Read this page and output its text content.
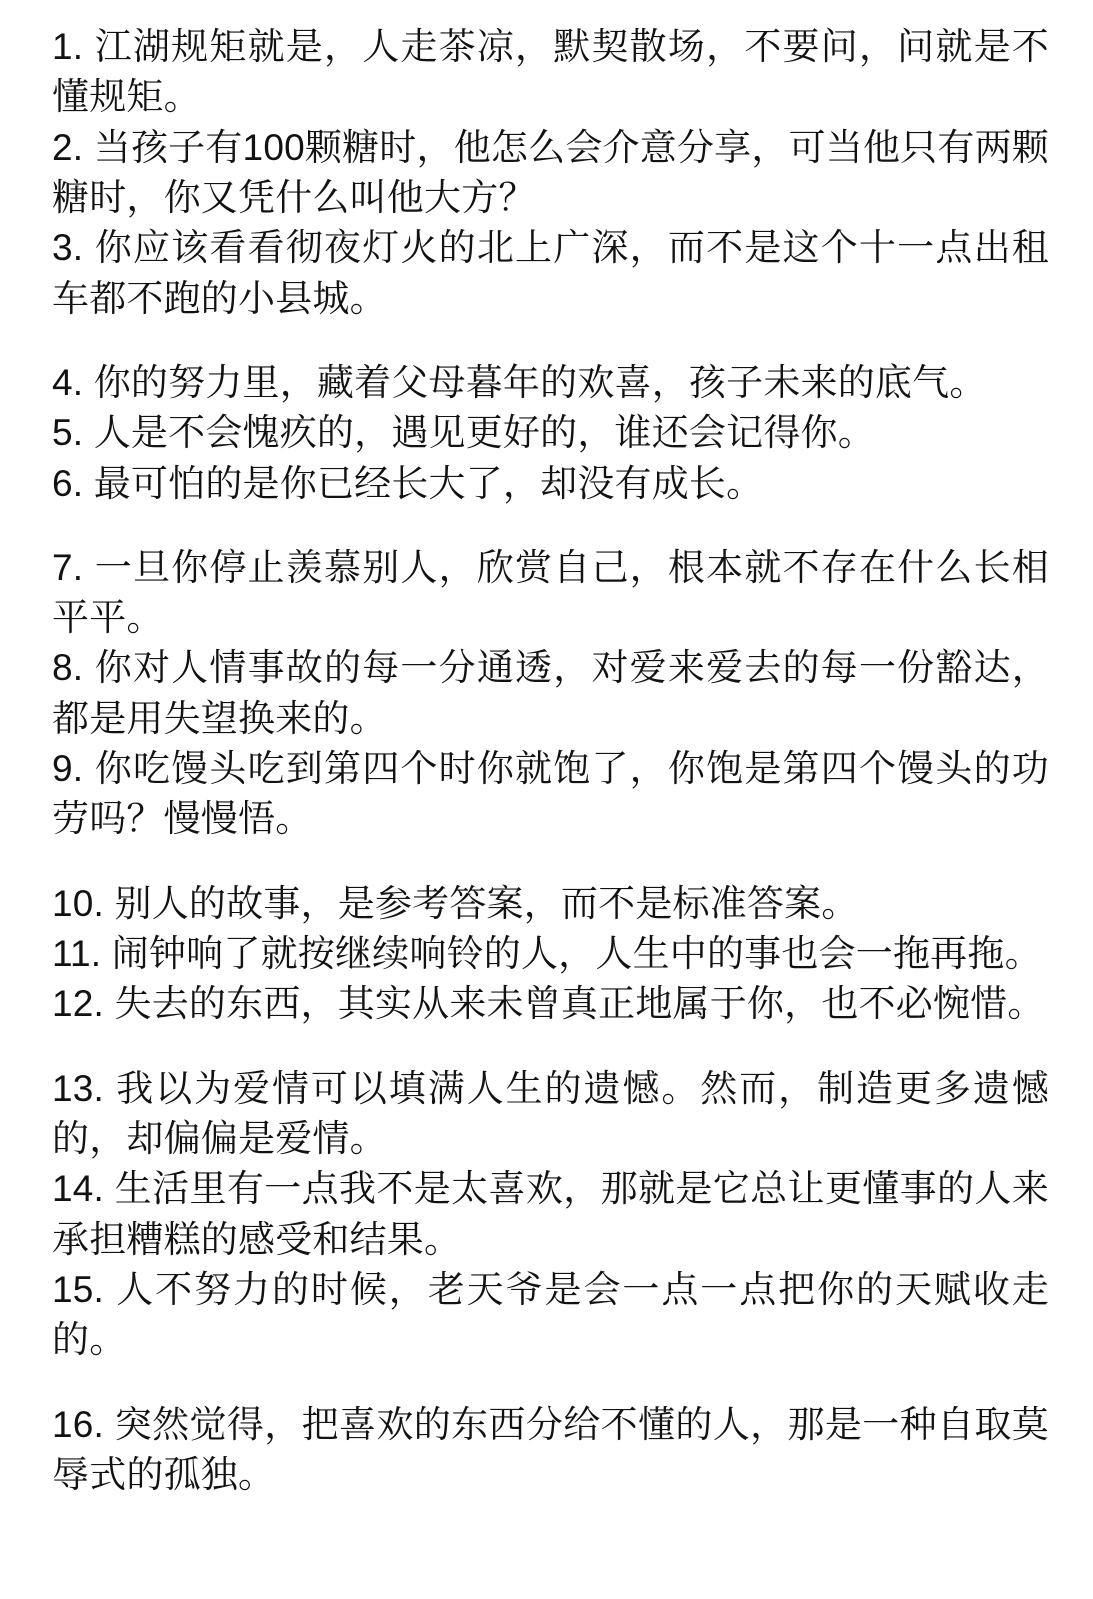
1. 江湖规矩就是，人走茶凉，默契散场，不要问，问就是不懂规矩。

2. 当孩子有100颗糖时，他怎么会介意分享，可当他只有两颗糖时，你又凭什么叫他大方？

3. 你应该看看彻夜灯火的北上广深，而不是这个十一点出租车都不跑的小县城。

4. 你的努力里，藏着父母暮年的欢喜，孩子未来的底气。

5. 人是不会愧疚的，遇见更好的，谁还会记得你。

6. 最可怕的是你已经长大了，却没有成长。

7. 一旦你停止羡慕别人，欣赏自己，根本就不存在什么长相平平。

8. 你对人情事故的每一分通透，对爱来爱去的每一份豁达，都是用失望换来的。

9. 你吃馒头吃到第四个时你就饱了，你饱是第四个馒头的功劳吗？慢慢悟。

10. 别人的故事，是参考答案，而不是标准答案。

11. 闹钟响了就按继续响铃的人，人生中的事也会一拖再拖。

12. 失去的东西，其实从来未曾真正地属于你，也不必惋惜。

13. 我以为爱情可以填满人生的遗憾。然而，制造更多遗憾的，却偏偏是爱情。

14. 生活里有一点我不是太喜欢，那就是它总让更懂事的人来承担糟糕的感受和结果。

15. 人不努力的时候，老天爷是会一点一点把你的天赋收走的。

16. 突然觉得，把喜欢的东西分给不懂的人，那是一种自取莫辱式的孤独。
